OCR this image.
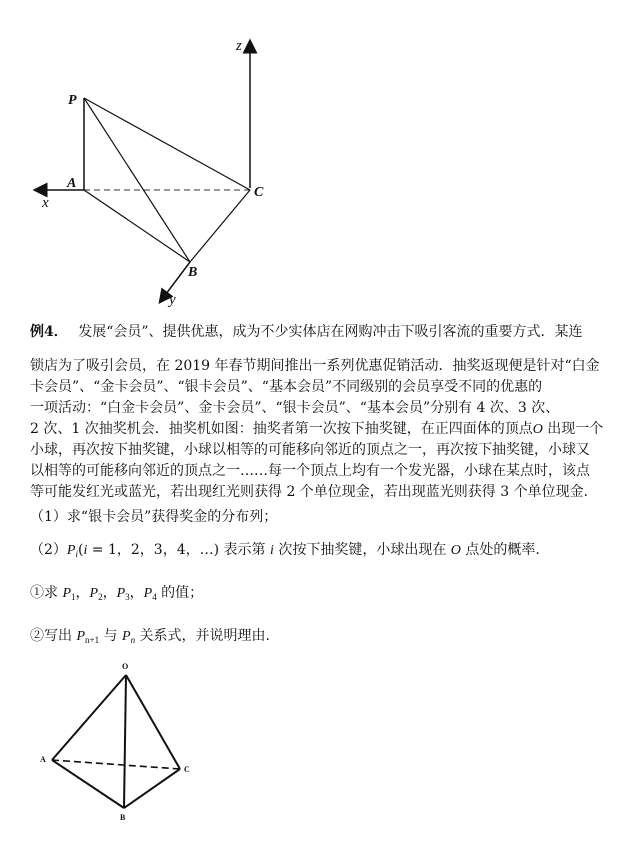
z
P
A
x
C
B
y
例4． 发展“会员”、提供优惠，成为不少实体店在网购冲击下吸引客流的重要方式．某连
锁店为了吸引会员，在 2019 年春节期间推出一系列优惠促销活动．抽奖返现便是针对“白金
卡会员”、“金卡会员”、“银卡会员”、“基本会员”不同级别的会员享受不同的优惠的
一项活动：“白金卡会员”、金卡会员”、“银卡会员”、“基本会员”分别有 4 次、3 次、
2 次、1 次抽奖机会．抽奖机如图：抽奖者第一次按下抽奖键，在正四面体的顶点O 出现一个
小球，再次按下抽奖键，小球以相等的可能移向邻近的顶点之一，再次按下抽奖键，小球又
以相等的可能移向邻近的顶点之一……每一个顶点上均有一个发光器，小球在某点时，该点
等可能发红光或蓝光，若出现红光则获得 2 个单位现金，若出现蓝光则获得 3 个单位现金．
（1）求“银卡会员”获得奖金的分布列；
$(2)P_i(i = 1$，2，3，4，…) 表示第 i 次按下抽奖键，小球出现在 O 点处的概率.
①求 $P_1$，$P_2$，$P_3$，$P_4$ 的值；
②写出 $P_{n+1}$ 与 $P_n$ 关系式，并说明理由.
O
A
C
B
